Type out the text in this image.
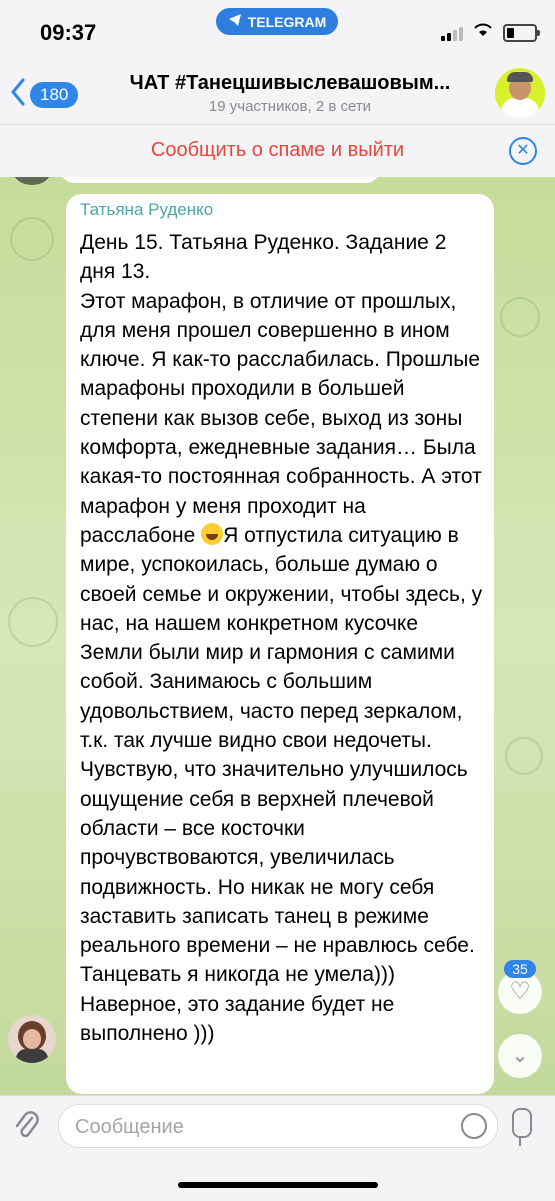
09:37	TELEGRAM
180	ЧАТ #Танецшивыслевашовым...
19 участников, 2 в сети
Сообщить о спаме и выйти	✕
Татьяна Руденко
День 15. Татьяна Руденко. Задание 2 дня 13.
Этот марафон, в отличие от прошлых, для меня прошел совершенно в ином ключе. Я как-то расслабилась. Прошлые марафоны проходили в большей степени как вызов себе, выход из зоны комфорта, ежедневные задания… Была какая-то постоянная собранность. А этот марафон у меня проходит на расслабоне Я отпустила ситуацию в мире, успокоилась, больше думаю о своей семье и окружении, чтобы здесь, у нас, на нашем конкретном кусочке Земли были мир и гармония с самими собой. Занимаюсь с большим удовольствием, часто перед зеркалом, т.к. так лучше видно свои недочеты. Чувствую, что значительно улучшилось ощущение себя в верхней плечевой области – все косточки прочувствоваются, увеличилась подвижность. Но никак не могу себя заставить записать танец в режиме реального времени – не нравлюсь себе. Танцевать я никогда не умела))) Наверное, это задание будет не выполнено )))
♡
35
⌄
Сообщение
